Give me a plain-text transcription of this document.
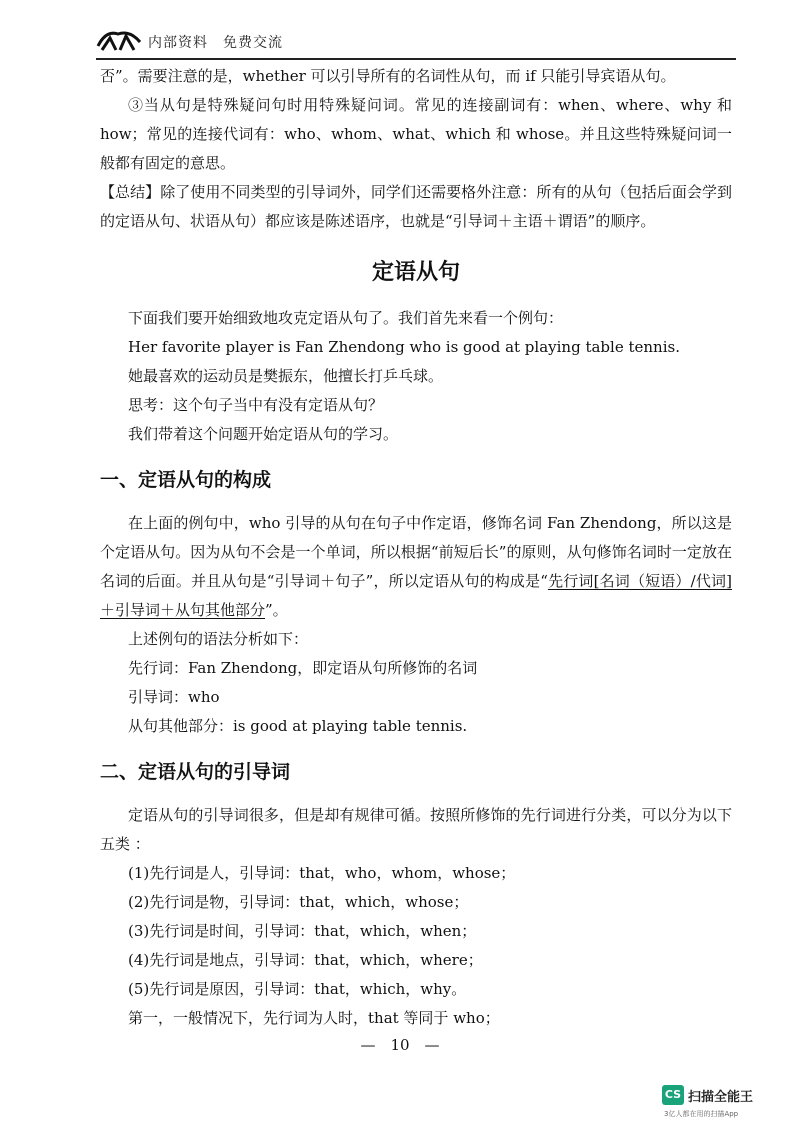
内部资料　免费交流

否”。需要注意的是，whether 可以引导所有的名词性从句，而 if 只能引导宾语从句。

③当从句是特殊疑问句时用特殊疑问词。常见的连接副词有：when、where、why 和 how；常见的连接代词有：who、whom、what、which 和 whose。并且这些特殊疑问词一般都有固定的意思。

【总结】除了使用不同类型的引导词外，同学们还需要格外注意：所有的从句（包括后面会学到的定语从句、状语从句）都应该是陈述语序，也就是“引导词＋主语＋谓语”的顺序。

定语从句

下面我们要开始细致地攻克定语从句了。我们首先来看一个例句：

Her favorite player is Fan Zhendong who is good at playing table tennis.

她最喜欢的运动员是樊振东，他擅长打乒乓球。

思考：这个句子当中有没有定语从句？

我们带着这个问题开始定语从句的学习。

一、定语从句的构成

在上面的例句中，who 引导的从句在句子中作定语，修饰名词 Fan Zhendong，所以这是个定语从句。因为从句不会是一个单词，所以根据“前短后长”的原则，从句修饰名词时一定放在名词的后面。并且从句是“引导词＋句子”，所以定语从句的构成是“先行词[名词（短语）/代词]＋引导词＋从句其他部分”。

上述例句的语法分析如下：

先行词：Fan Zhendong，即定语从句所修饰的名词

引导词：who

从句其他部分：is good at playing table tennis.

二、定语从句的引导词

定语从句的引导词很多，但是却有规律可循。按照所修饰的先行词进行分类，可以分为以下五类 ：

(1)先行词是人，引导词：that，who，whom，whose；

(2)先行词是物，引导词：that，which，whose；

(3)先行词是时间，引导词：that，which，when；

(4)先行词是地点，引导词：that，which，where；

(5)先行词是原因，引导词：that，which，why。

第一，一般情况下，先行词为人时，that 等同于 who；

—　10　—
CS 扫描全能王
3亿人都在用的扫描App
